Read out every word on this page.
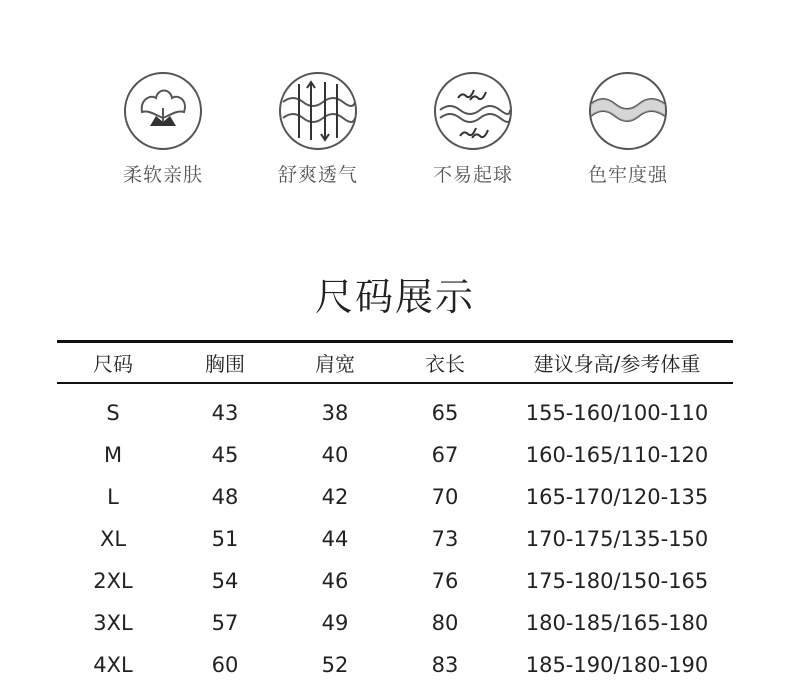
柔软亲肤	舒爽透气	不易起球	色牢度强
尺码展示
尺码	胸围	肩宽	衣长	建议身高/参考体重
S	43	38	65	155-160/100-110
M	45	40	67	160-165/110-120
L	48	42	70	165-170/120-135
XL	51	44	73	170-175/135-150
2XL	54	46	76	175-180/150-165
3XL	57	49	80	180-185/165-180
4XL	60	52	83	185-190/180-190
